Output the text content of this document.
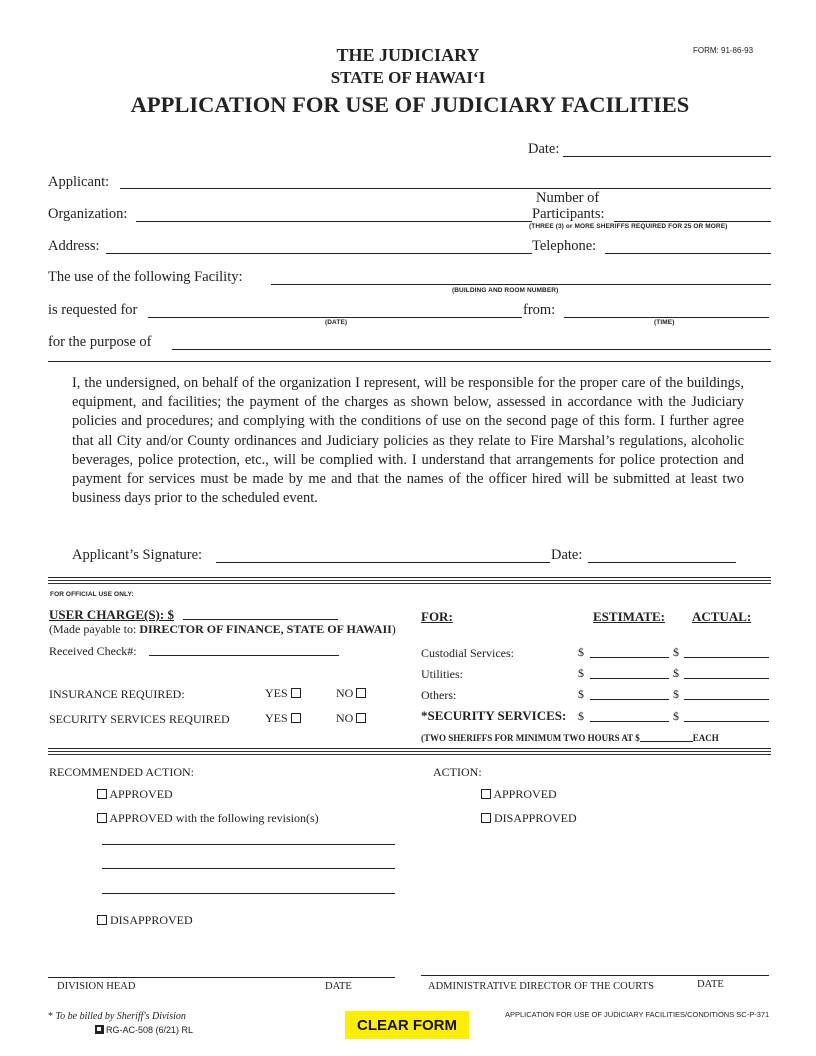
THE JUDICIARY	FORM: 91-86-93
STATE OF HAWAI‘I
APPLICATION FOR USE OF JUDICIARY FACILITIES
Date:
Applicant:
Number of
Organization:	Participants:
(THREE (3) or MORE SHERIFFS REQUIRED FOR 25 OR MORE)
Address:	Telephone:
The use of the following Facility:
(BUILDING AND ROOM NUMBER)
is requested for
(DATE)
from:
(TIME)
for the purpose of
I, the undersigned, on behalf of the organization I represent, will be responsible for the proper care of the buildings, equipment, and facilities; the payment of the charges as shown below, assessed in accordance with the Judiciary policies and procedures; and complying with the conditions of use on the second page of this form. I further agree that all City and/or County ordinances and Judiciary policies as they relate to Fire Marshal’s regulations, alcoholic beverages, police protection, etc., will be complied with. I understand that arrangements for police protection and payment for services must be made by me and that the names of the officer hired will be submitted at least two business days prior to the scheduled event.
Applicant’s Signature:	Date:
FOR OFFICIAL USE ONLY:
USER CHARGE(S): $
(Made payable to: DIRECTOR OF FINANCE, STATE OF HAWAII)
Received Check#:
INSURANCE REQUIRED:	YES	NO
SECURITY SERVICES REQUIRED	YES	NO
FOR:	ESTIMATE: ACTUAL:
Custodial Services:	$	$
Utilities:	$	$
Others:	$	$
*SECURITY SERVICES: $	$
(TWO SHERIFFS FOR MINIMUM TWO HOURS AT $	EACH
RECOMMENDED ACTION:
APPROVED
APPROVED with the following revision(s)
DISAPPROVED
ACTION:
APPROVED
DISAPPROVED
DIVISION HEAD	DATE	ADMINISTRATIVE DIRECTOR OF THE COURTS	DATE
* To be billed by Sheriff's Division
RG-AC-508 (6/21) RL	CLEAR FORM
APPLICATION FOR USE OF JUDICIARY FACILITIES/CONDITIONS SC-P-371
